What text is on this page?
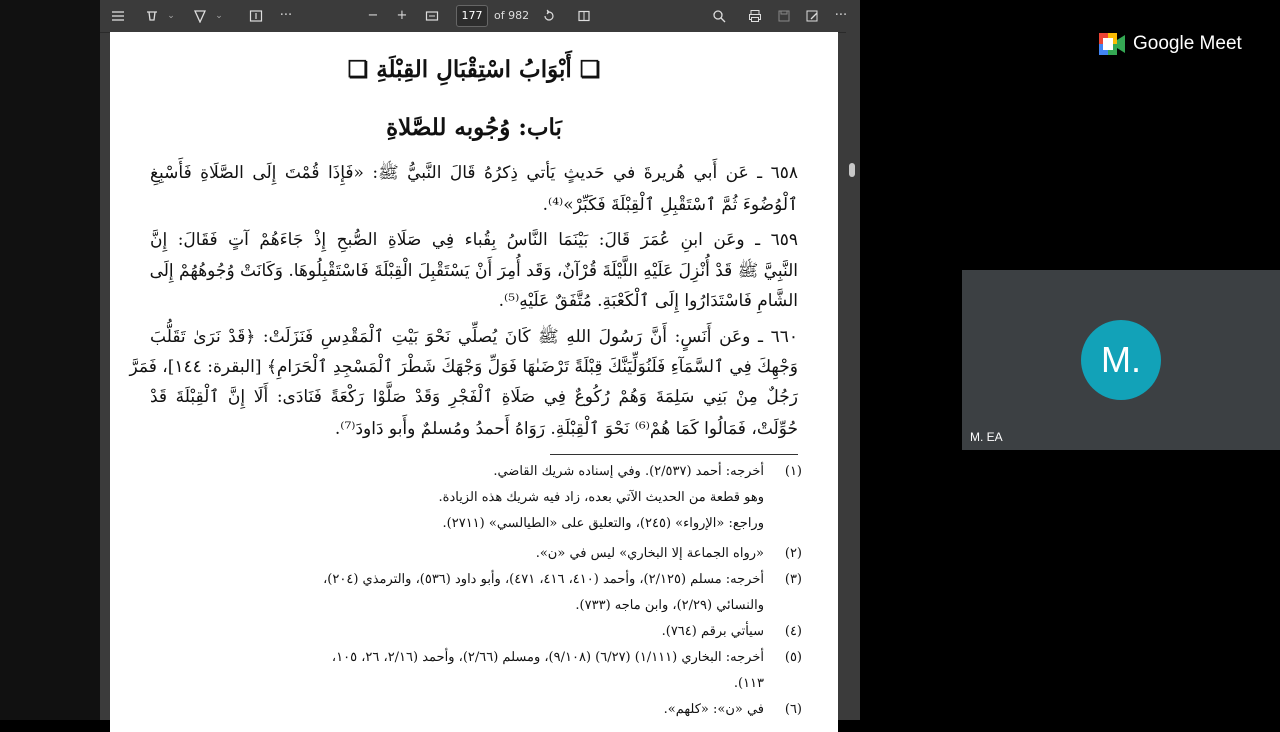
⌄	⌄	···	− +	177	of 982	···
❏ أَبْوَابُ اسْتِقْبَالِ القِبْلَةِ ❏
بَاب: وُجُوبه للصَّلاةِ
٦٥٨ ـ عَن أَبي هُريرةَ في حَديثٍ يَأتي ذِكرُهُ قَالَ النَّبيُّ ﷺ: «فَإِذَا قُمْتَ إِلَى الصَّلَاةِ فَأَسْبِغِ
ٱلْوُضُوءَ ثُمَّ ٱسْتَقْبِلِ ٱلْقِبْلَةَ فَكَبِّرْ»⁽⁴⁾.
٦٥٩ ـ وعَن ابنِ عُمَرَ قَالَ: بَيْنَمَا النَّاسُ بِقُباء فِي صَلَاةِ الصُّبحِ إِذْ جَاءَهُمْ آتٍ فَقَالَ: إِنَّ
النَّبِيَّ ﷺ قَدْ أُنْزِلَ عَلَيْهِ اللَّيْلَةَ قُرْآنٌ، وَقَد أُمِرَ أَنْ يَسْتَقْبِلَ الْقِبْلَةَ فَاسْتَقْبِلُوهَا. وَكَانَتْ وُجُوهُهُمْ إِلَى
الشَّامِ فَاسْتَدَارُوا إِلَى ٱلْكَعْبَةِ. مُتَّفَقٌ عَلَيْهِ⁽⁵⁾.
٦٦٠ ـ وعَن أَنَسٍ: أَنَّ رَسُولَ اللهِ ﷺ كَانَ يُصلِّي نَحْوَ بَيْتِ ٱلْمَقْدِسِ فَنَزَلَتْ: ﴿قَدْ نَرَىٰ تَقَلُّبَ
وَجْهِكَ فِي ٱلسَّمَآءِ فَلَنُوَلِّيَنَّكَ قِبْلَةً تَرْضَىٰهَا فَوَلِّ وَجْهَكَ شَطْرَ ٱلْمَسْجِدِ ٱلْحَرَامِ﴾ [البقرة: ١٤٤]، فَمَرَّ
رَجُلٌ مِنْ بَنِي سَلِمَةَ وَهُمْ رُكُوعٌ فِي صَلَاةِ ٱلْفَجْرِ وَقَدْ صَلَّوْا رَكْعَةً فَنَادَى: أَلَا إِنَّ ٱلْقِبْلَةَ قَدْ
حُوِّلَتْ، فَمَالُوا كَمَا هُمْ⁽⁶⁾ نَحْوَ ٱلْقِبْلَةِ. رَوَاهُ أَحمدُ ومُسلمٌ وأَبو دَاودَ⁽⁷⁾.
(١)أخرجه: أحمد (٢/٥٣٧). وفي إسناده شريك القاضي.
وهو قطعة من الحديث الآتي بعده، زاد فيه شريك هذه الزيادة.
وراجع: «الإرواء» (٢٤٥)، والتعليق على «الطيالسي» (٢٧١١).
(٢)«رواه الجماعة إلا البخاري» ليس في «ن».
(٣)أخرجه: مسلم (٢/١٢٥)، وأحمد (٤١٠، ٤١٦، ٤٧١)، وأبو داود (٥٣٦)، والترمذي (٢٠٤)،
والنسائي (٢/٢٩)، وابن ماجه (٧٣٣).
(٤)سيأتي برقم (٧٦٤).
(٥)أخرجه: البخاري (١/١١١) (٦/٢٧) (٩/١٠٨)، ومسلم (٢/٦٦)، وأحمد (٢/١٦، ٢٦، ١٠٥،
١١٣).
(٦)في «ن»: «كلهم».
Google Meet
M.
M. EA
